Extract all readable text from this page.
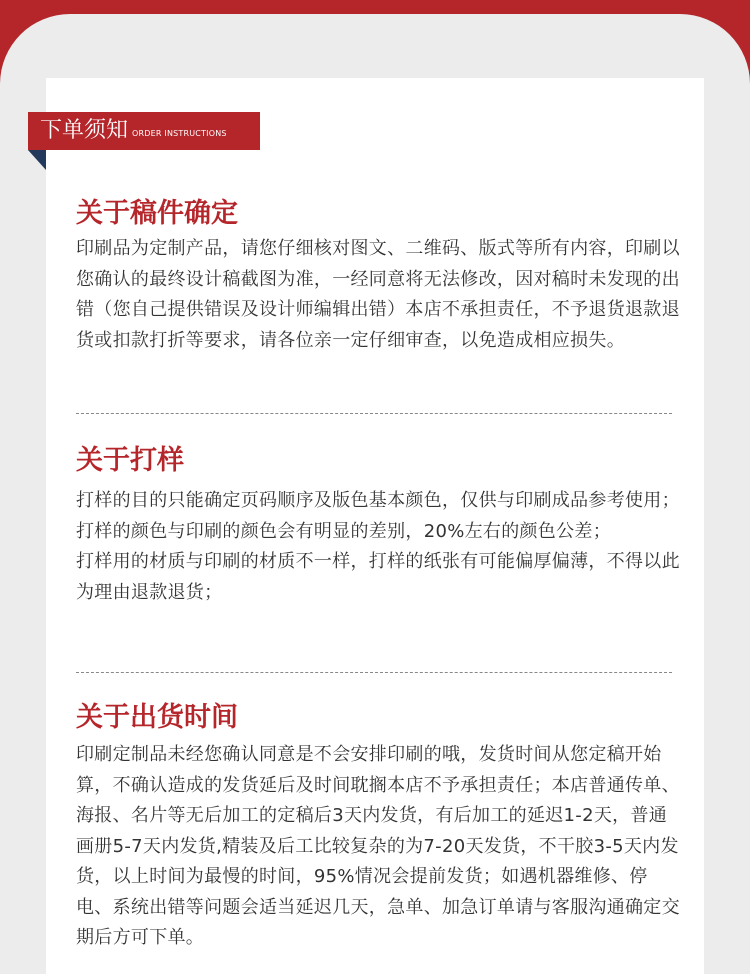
下单须知 ORDER INSTRUCTIONS
关于稿件确定

印刷品为定制产品，请您仔细核对图文、二维码、版式等所有内容，印刷以您确认的最终设计稿截图为准，一经同意将无法修改，因对稿时未发现的出错（您自己提供错误及设计师编辑出错）本店不承担责任，不予退货退款退货或扣款打折等要求，请各位亲一定仔细审查，以免造成相应损失。

关于打样

打样的目的只能确定页码顺序及版色基本颜色，仅供与印刷成品参考使用；

打样的颜色与印刷的颜色会有明显的差别，20%左右的颜色公差；

打样用的材质与印刷的材质不一样，打样的纸张有可能偏厚偏薄，不得以此为理由退款退货；

关于出货时间

印刷定制品未经您确认同意是不会安排印刷的哦，发货时间从您定稿开始算，不确认造成的发货延后及时间耽搁本店不予承担责任；本店普通传单、海报、名片等无后加工的定稿后3天内发货，有后加工的延迟1-2天，普通画册5-7天内发货,精装及后工比较复杂的为7-20天发货，不干胶3-5天内发货，以上时间为最慢的时间，95%情况会提前发货；如遇机器维修、停电、系统出错等问题会适当延迟几天，急单、加急订单请与客服沟通确定交期后方可下单。
